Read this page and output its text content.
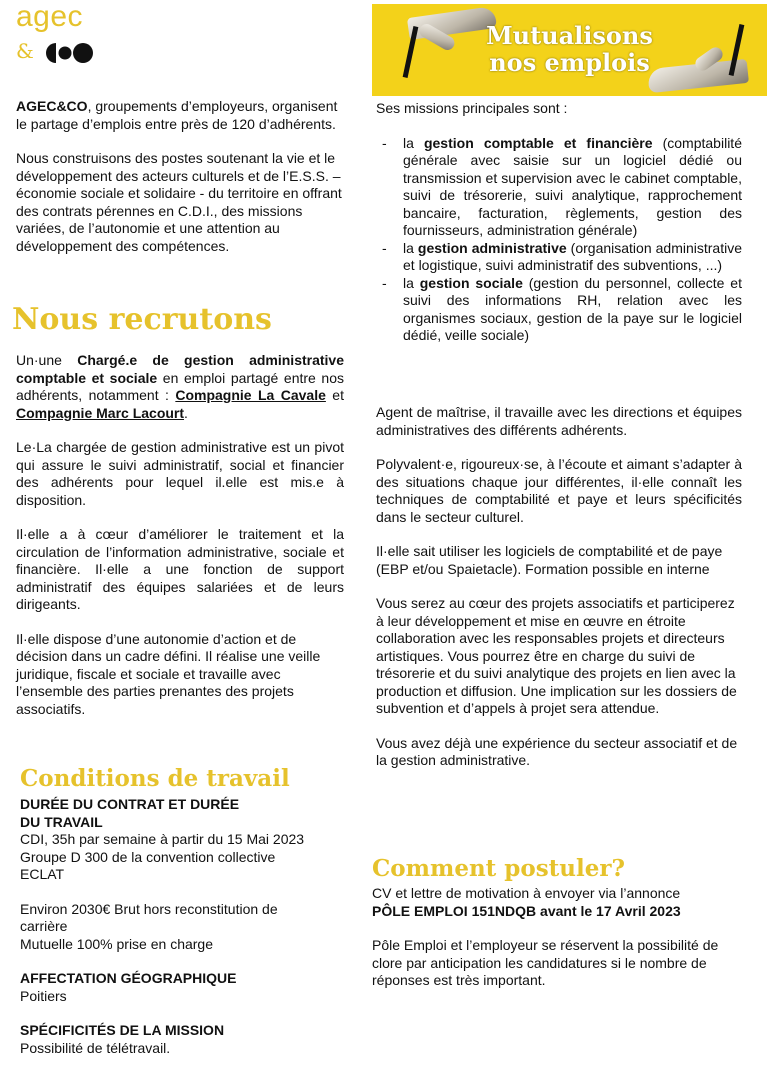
agec
&
Mutualisons
nos emplois

AGEC&CO, groupements d’employeurs, organisent le partage d’emplois entre près de 120 d’adhérents.

Nous construisons des postes soutenant la vie et le développement des acteurs culturels et de l’E.S.S. – économie sociale et solidaire - du territoire en offrant des contrats pérennes en C.D.I., des missions variées, de l’autonomie et une attention au développement des compétences.

Nous recrutons

Un·une Chargé.e de gestion administrative comptable et sociale en emploi partagé entre nos adhérents, notamment : Compagnie La Cavale et Compagnie Marc Lacourt.

Le·La chargée de gestion administrative est un pivot qui assure le suivi administratif, social et financier des adhérents pour lequel il.elle est mis.e à disposition.

Il·elle a à cœur d’améliorer le traitement et la circulation de l’information administrative, sociale et financière. Il·elle a une fonction de support administratif des équipes salariées et de leurs dirigeants.

Il·elle dispose d’une autonomie d’action et de décision dans un cadre défini. Il réalise une veille juridique, fiscale et sociale et travaille avec l’ensemble des parties prenantes des projets associatifs.

Conditions de travail
DURÉE DU CONTRAT ET DURÉE
DU TRAVAIL
CDI, 35h par semaine à partir du 15 Mai 2023
Groupe D 300 de la convention collective
ECLAT
Environ 2030€ Brut hors reconstitution de
carrière
Mutuelle 100% prise en charge
AFFECTATION GÉOGRAPHIQUE
Poitiers
SPÉCIFICITÉS DE LA MISSION
Possibilité de télétravail.

Ses missions principales sont :

- la gestion comptable et financière (comptabilité générale avec saisie sur un logiciel dédié ou transmission et supervision avec le cabinet comptable, suivi de trésorerie, suivi analytique, rapprochement bancaire, facturation, règlements, gestion des fournisseurs, administration générale)
- la gestion administrative (organisation administrative et logistique, suivi administratif des subventions, ...)
- la gestion sociale (gestion du personnel, collecte et suivi des informations RH, relation avec les organismes sociaux, gestion de la paye sur le logiciel dédié, veille sociale)

Agent de maîtrise, il travaille avec les directions et équipes administratives des différents adhérents.

Polyvalent·e, rigoureux·se, à l’écoute et aimant s’adapter à des situations chaque jour différentes, il·elle connaît les techniques de comptabilité et paye et leurs spécificités dans le secteur culturel.

Il·elle sait utiliser les logiciels de comptabilité et de paye (EBP et/ou Spaietacle). Formation possible en interne

Vous serez au cœur des projets associatifs et participerez à leur développement et mise en œuvre en étroite collaboration avec les responsables projets et directeurs artistiques. Vous pourrez être en charge du suivi de trésorerie et du suivi analytique des projets en lien avec la production et diffusion. Une implication sur les dossiers de subvention et d’appels à projet sera attendue.

Vous avez déjà une expérience du secteur associatif et de la gestion administrative.

Comment postuler?
CV et lettre de motivation à envoyer via l’annonce
PÔLE EMPLOI 151NDQB avant le 17 Avril 2023

Pôle Emploi et l’employeur se réservent la possibilité de clore par anticipation les candidatures si le nombre de réponses est très important.
